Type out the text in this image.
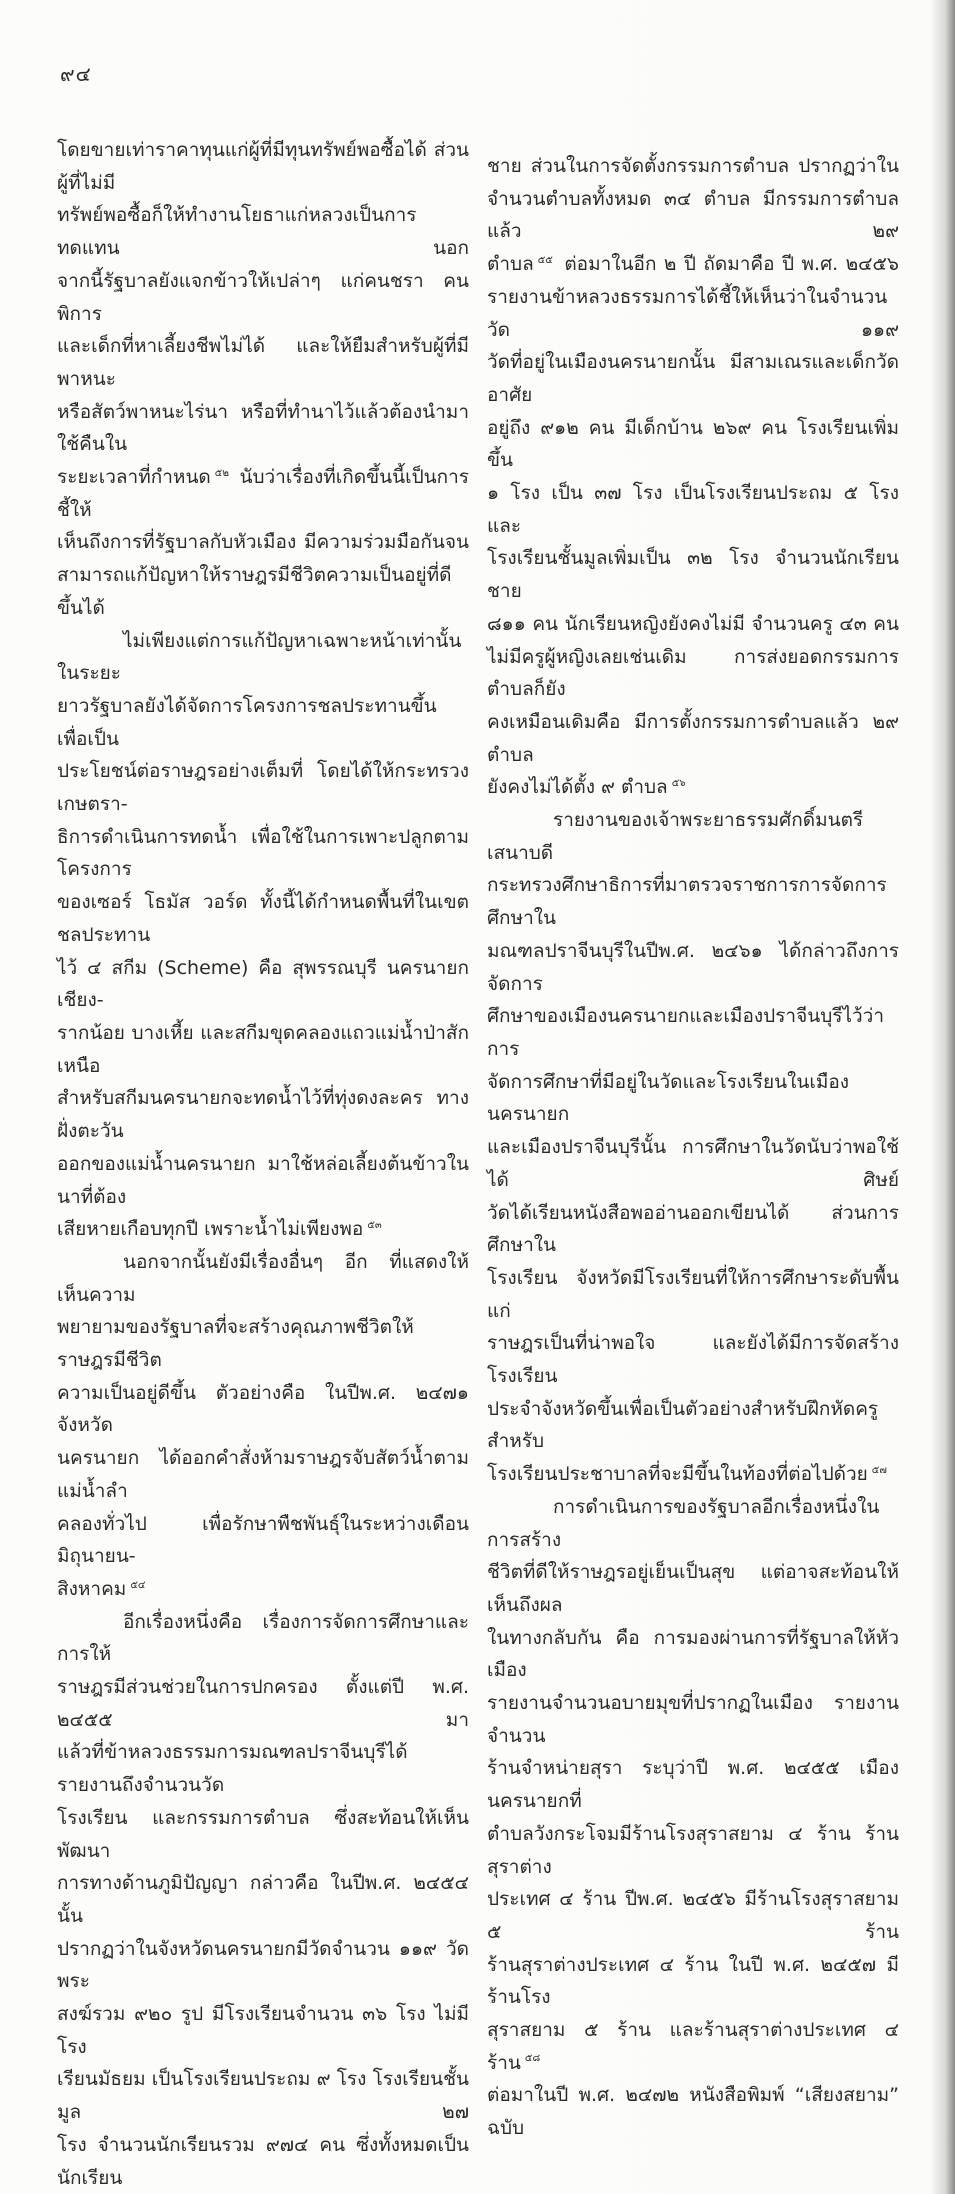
๙๔
โดยขายเท่าราคาทุนแก่ผู้ที่มีทุนทรัพย์พอซื้อได้ ส่วนผู้ที่ไม่มี
ทรัพย์พอซื้อก็ให้ทำงานโยธาแก่หลวงเป็นการทดแทน นอก
จากนี้รัฐบาลยังแจกข้าวให้เปล่าๆ แก่คนชรา คนพิการ
และเด็กที่หาเลี้ยงชีพไม่ได้ และให้ยืมสำหรับผู้ที่มีพาหนะ
หรือสัตว์พาหนะไร่นา หรือที่ทำนาไว้แล้วต้องนำมาใช้คืนใน
ระยะเวลาที่กำหนด $^{๕๒}$ นับว่าเรื่องที่เกิดขึ้นนี้เป็นการชี้ให้
เห็นถึงการที่รัฐบาลกับหัวเมือง มีความร่วมมือกันจน
สามารถแก้ปัญหาให้ราษฎรมีชีวิตความเป็นอยู่ที่ดีขึ้นได้
ไม่เพียงแต่การแก้ปัญหาเฉพาะหน้าเท่านั้น ในระยะ
ยาวรัฐบาลยังได้จัดการโครงการชลประทานขึ้น เพื่อเป็น
ประโยชน์ต่อราษฎรอย่างเต็มที่ โดยได้ให้กระทรวงเกษตรา-
ธิการดำเนินการทดน้ำ เพื่อใช้ในการเพาะปลูกตามโครงการ
ของเซอร์ โธมัส วอร์ด ทั้งนี้ได้กำหนดพื้นที่ในเขตชลประทาน
ไว้ ๔ สกีม (Scheme) คือ สุพรรณบุรี นครนายก เชียง-
รากน้อย บางเหี้ย และสกีมขุดคลองแถวแม่น้ำป่าสักเหนือ
สำหรับสกีมนครนายกจะทดน้ำไว้ที่ทุ่งดงละคร ทางฝั่งตะวัน
ออกของแม่น้ำนครนายก มาใช้หล่อเลี้ยงต้นข้าวในนาที่ต้อง
เสียหายเกือบทุกปี เพราะน้ำไม่เพียงพอ $^{๕๓}$
นอกจากนั้นยังมีเรื่องอื่นๆ อีก ที่แสดงให้เห็นความ
พยายามของรัฐบาลที่จะสร้างคุณภาพชีวิตให้ราษฎรมีชีวิต
ความเป็นอยู่ดีขึ้น ตัวอย่างคือ ในปีพ.ศ. ๒๔๗๑ จังหวัด
นครนายก ได้ออกคำสั่งห้ามราษฎรจับสัตว์น้ำตามแม่น้ำลำ
คลองทั่วไป เพื่อรักษาพืชพันธุ์ในระหว่างเดือนมิถุนายน-
สิงหาคม $^{๕๔}$
อีกเรื่องหนึ่งคือ เรื่องการจัดการศึกษาและการให้
ราษฎรมีส่วนช่วยในการปกครอง ตั้งแต่ปี พ.ศ. ๒๔๕๕ มา
แล้วที่ข้าหลวงธรรมการมณฑลปราจีนบุรีได้รายงานถึงจำนวนวัด
โรงเรียน และกรรมการตำบล ซึ่งสะท้อนให้เห็นพัฒนา
การทางด้านภูมิปัญญา กล่าวคือ ในปีพ.ศ. ๒๔๕๔ นั้น
ปรากฏว่าในจังหวัดนครนายกมีวัดจำนวน ๑๑๙ วัด พระ
สงฆ์รวม ๙๒๐ รูป มีโรงเรียนจำนวน ๓๖ โรง ไม่มีโรง
เรียนมัธยม เป็นโรงเรียนประถม ๙ โรง โรงเรียนชั้นมูล ๒๗
โรง จำนวนนักเรียนรวม ๙๗๔ คน ซึ่งทั้งหมดเป็นนักเรียน
ชาย ส่วนในการจัดตั้งกรรมการตำบล ปรากฏว่าใน
จำนวนตำบลทั้งหมด ๓๔ ตำบล มีกรรมการตำบลแล้ว ๒๙
ตำบล $^{๕๕}$ ต่อมาในอีก ๒ ปี ถัดมาคือ ปี พ.ศ. ๒๔๕๖
รายงานข้าหลวงธรรมการได้ชี้ให้เห็นว่าในจำนวนวัด ๑๑๙
วัดที่อยู่ในเมืองนครนายกนั้น มีสามเณรและเด็กวัดอาศัย
อยู่ถึง ๙๑๒ คน มีเด็กบ้าน ๒๖๙ คน โรงเรียนเพิ่มขึ้น
๑ โรง เป็น ๓๗ โรง เป็นโรงเรียนประถม ๕ โรง และ
โรงเรียนชั้นมูลเพิ่มเป็น ๓๒ โรง จำนวนนักเรียนชาย
๘๑๑ คน นักเรียนหญิงยังคงไม่มี จำนวนครู ๔๓ คน
ไม่มีครูผู้หญิงเลยเช่นเดิม การส่งยอดกรรมการตำบลก็ยัง
คงเหมือนเดิมคือ มีการตั้งกรรมการตำบลแล้ว ๒๙ ตำบล
ยังคงไม่ได้ตั้ง ๙ ตำบล $^{๕๖}$
รายงานของเจ้าพระยาธรรมศักดิ์มนตรี เสนาบดี
กระทรวงศึกษาธิการที่มาตรวจราชการการจัดการศึกษาใน
มณฑลปราจีนบุรีในปีพ.ศ. ๒๔๖๑ ได้กล่าวถึงการจัดการ
ศึกษาของเมืองนครนายกและเมืองปราจีนบุรีไว้ว่า การ
จัดการศึกษาที่มีอยู่ในวัดและโรงเรียนในเมืองนครนายก
และเมืองปราจีนบุรีนั้น การศึกษาในวัดนับว่าพอใช้ได้ ศิษย์
วัดได้เรียนหนังสือพออ่านออกเขียนได้ ส่วนการศึกษาใน
โรงเรียน จังหวัดมีโรงเรียนที่ให้การศึกษาระดับพื้นแก่
ราษฎรเป็นที่น่าพอใจ และยังได้มีการจัดสร้างโรงเรียน
ประจำจังหวัดขึ้นเพื่อเป็นตัวอย่างสำหรับฝึกหัดครู สำหรับ
โรงเรียนประชาบาลที่จะมีขึ้นในท้องที่ต่อไปด้วย $^{๕๗}$
การดำเนินการของรัฐบาลอีกเรื่องหนึ่งในการสร้าง
ชีวิตที่ดีให้ราษฎรอยู่เย็นเป็นสุข แต่อาจสะท้อนให้เห็นถึงผล
ในทางกลับกัน คือ การมองผ่านการที่รัฐบาลให้หัวเมือง
รายงานจำนวนอบายมุขที่ปรากฏในเมือง รายงานจำนวน
ร้านจำหน่ายสุรา ระบุว่าปี พ.ศ. ๒๔๕๕ เมืองนครนายกที่
ตำบลวังกระโจมมีร้านโรงสุราสยาม ๔ ร้าน ร้านสุราต่าง
ประเทศ ๔ ร้าน ปีพ.ศ. ๒๔๕๖ มีร้านโรงสุราสยาม ๕ ร้าน
ร้านสุราต่างประเทศ ๔ ร้าน ในปี พ.ศ. ๒๔๕๗ มีร้านโรง
สุราสยาม ๕ ร้าน และร้านสุราต่างประเทศ ๔ ร้าน $^{๕๘}$
ต่อมาในปี พ.ศ. ๒๔๗๒ หนังสือพิมพ์ “เสียงสยาม” ฉบับ
